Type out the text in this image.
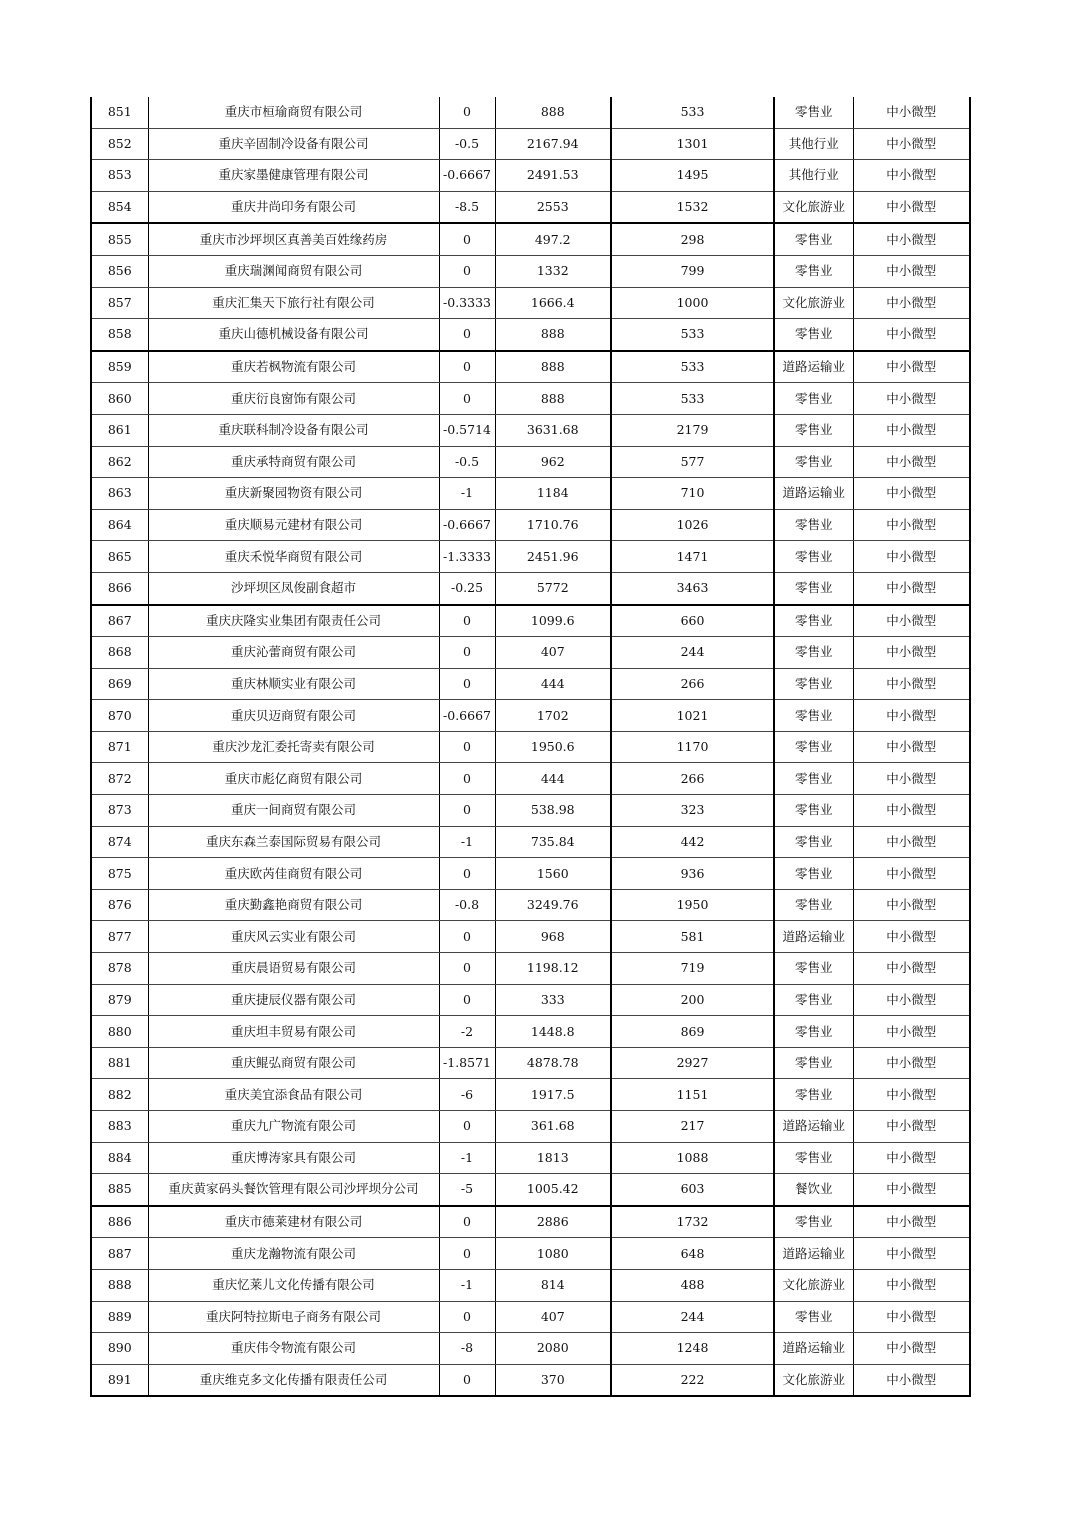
851	重庆市桓瑜商贸有限公司	0	888	533	零售业	中小微型
852	重庆辛固制冷设备有限公司	-0.5	2167.94	1301	其他行业	中小微型
853	重庆家墨健康管理有限公司	-0.6667	2491.53	1495	其他行业	中小微型
854	重庆井尚印务有限公司	-8.5	2553	1532	文化旅游业	中小微型
855	重庆市沙坪坝区真善美百姓缘药房	0	497.2	298	零售业	中小微型
856	重庆瑞渊闻商贸有限公司	0	1332	799	零售业	中小微型
857	重庆汇集天下旅行社有限公司	-0.3333	1666.4	1000	文化旅游业	中小微型
858	重庆山德机械设备有限公司	0	888	533	零售业	中小微型
859	重庆若枫物流有限公司	0	888	533	道路运输业	中小微型
860	重庆衍良窗饰有限公司	0	888	533	零售业	中小微型
861	重庆联科制冷设备有限公司	-0.5714	3631.68	2179	零售业	中小微型
862	重庆承特商贸有限公司	-0.5	962	577	零售业	中小微型
863	重庆新聚园物资有限公司	-1	1184	710	道路运输业	中小微型
864	重庆顺易元建材有限公司	-0.6667	1710.76	1026	零售业	中小微型
865	重庆禾悦华商贸有限公司	-1.3333	2451.96	1471	零售业	中小微型
866	沙坪坝区凤俊副食超市	-0.25	5772	3463	零售业	中小微型
867	重庆庆隆实业集团有限责任公司	0	1099.6	660	零售业	中小微型
868	重庆沁蕾商贸有限公司	0	407	244	零售业	中小微型
869	重庆林顺实业有限公司	0	444	266	零售业	中小微型
870	重庆贝迈商贸有限公司	-0.6667	1702	1021	零售业	中小微型
871	重庆沙龙汇委托寄卖有限公司	0	1950.6	1170	零售业	中小微型
872	重庆市彪亿商贸有限公司	0	444	266	零售业	中小微型
873	重庆一间商贸有限公司	0	538.98	323	零售业	中小微型
874	重庆东森兰泰国际贸易有限公司	-1	735.84	442	零售业	中小微型
875	重庆欧芮佳商贸有限公司	0	1560	936	零售业	中小微型
876	重庆勤鑫艳商贸有限公司	-0.8	3249.76	1950	零售业	中小微型
877	重庆风云实业有限公司	0	968	581	道路运输业	中小微型
878	重庆晨语贸易有限公司	0	1198.12	719	零售业	中小微型
879	重庆捷辰仪器有限公司	0	333	200	零售业	中小微型
880	重庆坦丰贸易有限公司	-2	1448.8	869	零售业	中小微型
881	重庆鲲弘商贸有限公司	-1.8571	4878.78	2927	零售业	中小微型
882	重庆美宜添食品有限公司	-6	1917.5	1151	零售业	中小微型
883	重庆九广物流有限公司	0	361.68	217	道路运输业	中小微型
884	重庆博涛家具有限公司	-1	1813	1088	零售业	中小微型
885	重庆黄家码头餐饮管理有限公司沙坪坝分公司	-5	1005.42	603	餐饮业	中小微型
886	重庆市德莱建材有限公司	0	2886	1732	零售业	中小微型
887	重庆龙瀚物流有限公司	0	1080	648	道路运输业	中小微型
888	重庆忆莱儿文化传播有限公司	-1	814	488	文化旅游业	中小微型
889	重庆阿特拉斯电子商务有限公司	0	407	244	零售业	中小微型
890	重庆伟令物流有限公司	-8	2080	1248	道路运输业	中小微型
891	重庆维克多文化传播有限责任公司	0	370	222	文化旅游业	中小微型
